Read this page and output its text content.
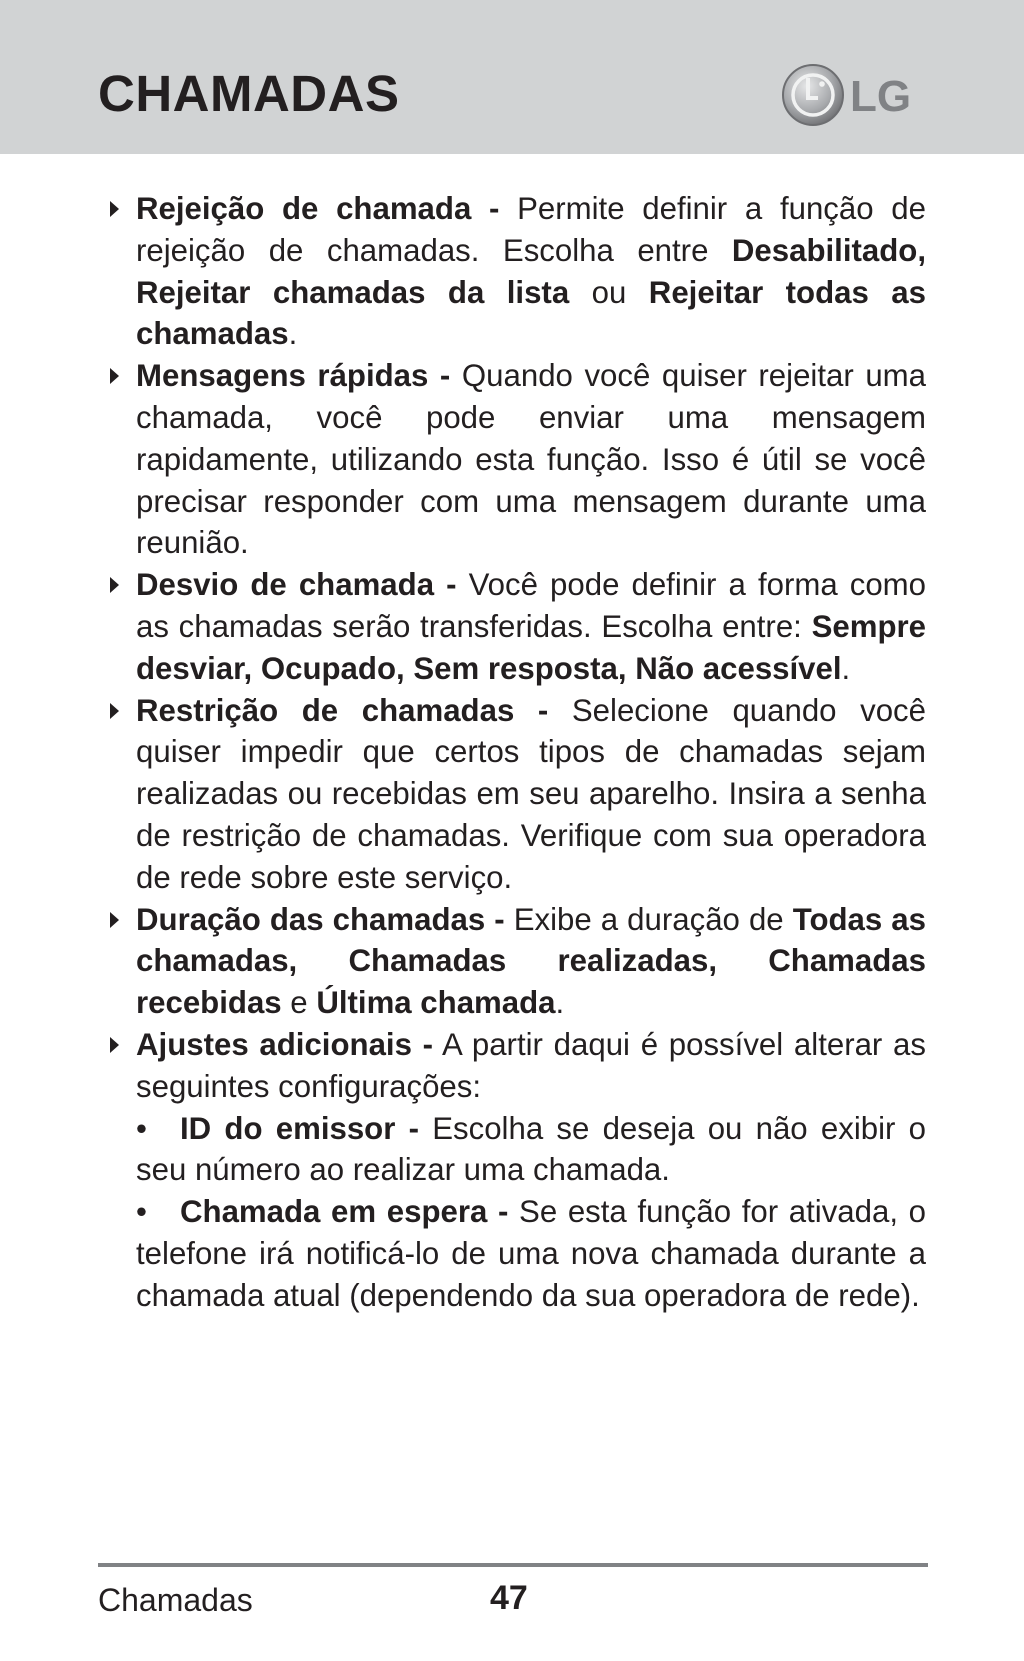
CHAMADAS	LG
Rejeição de chamada - Permite definir a função de rejeição de chamadas. Escolha entre Desabilitado, Rejeitar chamadas da lista ou Rejeitar todas as chamadas.
Mensagens rápidas - Quando você quiser rejeitar uma chamada, você pode enviar uma mensagem rapidamente, utilizando esta função. Isso é útil se você precisar responder com uma mensagem durante uma reunião.
Desvio de chamada - Você pode definir a forma como as chamadas serão transferidas. Escolha entre: Sempre desviar, Ocupado, Sem resposta, Não acessível.
Restrição de chamadas - Selecione quando você quiser impedir que certos tipos de chamadas sejam realizadas ou recebidas em seu aparelho. Insira a senha de restrição de chamadas. Verifique com sua operadora de rede sobre este serviço.
Duração das chamadas - Exibe a duração de Todas as chamadas, Chamadas realizadas, Chamadas recebidas e Última chamada.
Ajustes adicionais - A partir daqui é possível alterar as seguintes configurações:
• ID do emissor - Escolha se deseja ou não exibir o seu número ao realizar uma chamada.
• Chamada em espera - Se esta função for ativada, o telefone irá notificá-lo de uma nova chamada durante a chamada atual (dependendo da sua operadora de rede).
Chamadas	47
